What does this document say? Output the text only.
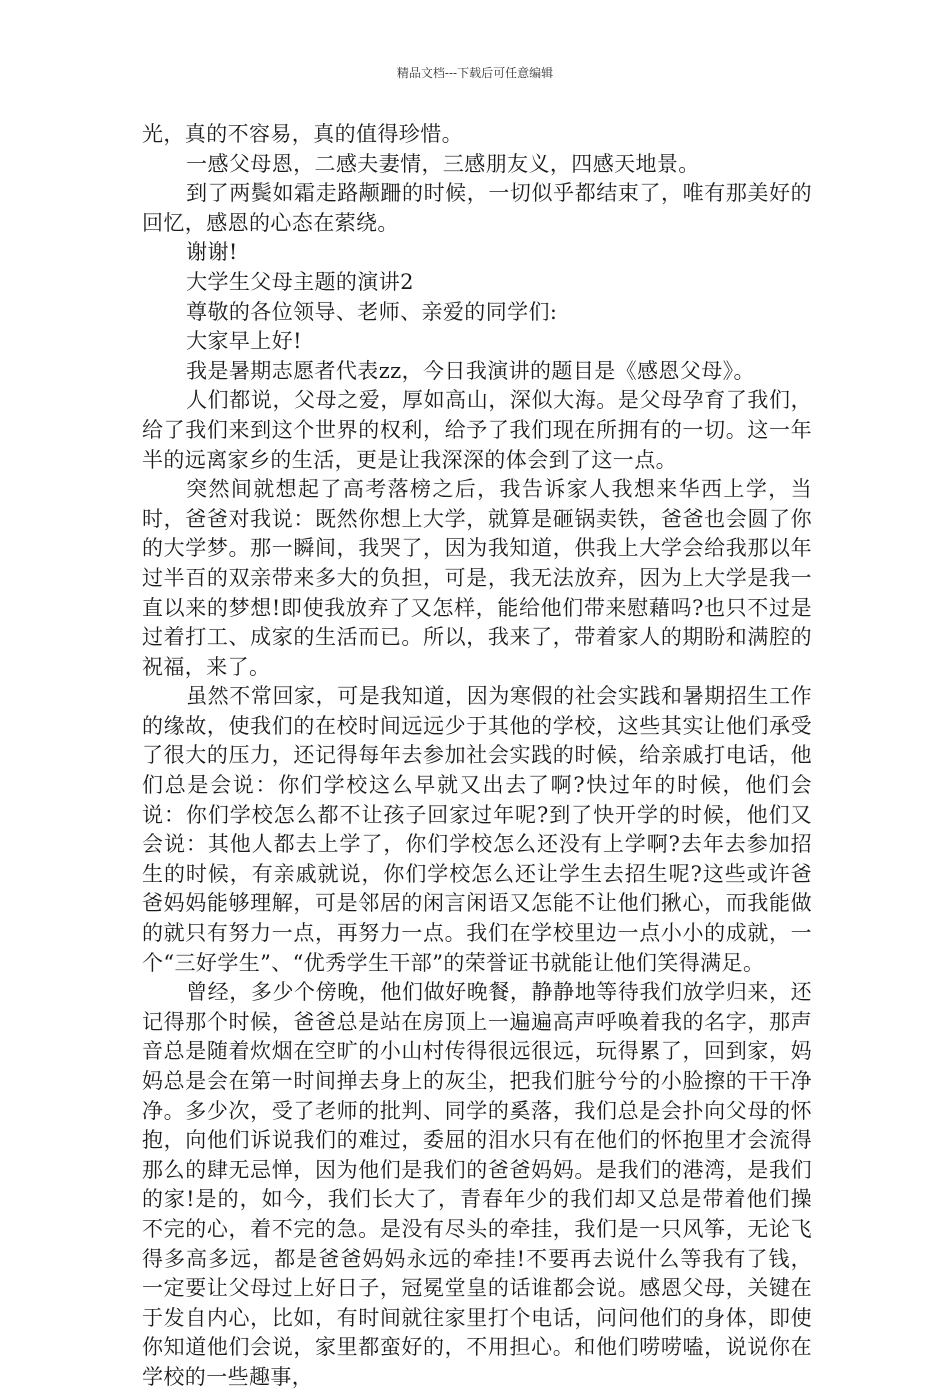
精品文档---下载后可任意编辑

光，真的不容易，真的值得珍惜。

一感父母恩，二感夫妻情，三感朋友义，四感天地景。

到了两鬓如霜走路颟跚的时候，一切似乎都结束了，唯有那美好的回忆，感恩的心态在萦绕。

谢谢!

大学生父母主题的演讲2

尊敬的各位领导、老师、亲爱的同学们:

大家早上好!

我是暑期志愿者代表zz，今日我演讲的题目是《感恩父母》。

人们都说，父母之爱，厚如高山，深似大海。是父母孕育了我们，给了我们来到这个世界的权利，给予了我们现在所拥有的一切。这一年半的远离家乡的生活，更是让我深深的体会到了这一点。

突然间就想起了高考落榜之后，我告诉家人我想来华西上学，当时，爸爸对我说：既然你想上大学，就算是砸锅卖铁，爸爸也会圆了你的大学梦。那一瞬间，我哭了，因为我知道，供我上大学会给我那以年过半百的双亲带来多大的负担，可是，我无法放弃，因为上大学是我一直以来的梦想!即使我放弃了又怎样，能给他们带来慰藉吗?也只不过是过着打工、成家的生活而已。所以，我来了，带着家人的期盼和满腔的祝福，来了。

虽然不常回家，可是我知道，因为寒假的社会实践和暑期招生工作的缘故，使我们的在校时间远远少于其他的学校，这些其实让他们承受了很大的压力，还记得每年去参加社会实践的时候，给亲戚打电话，他们总是会说：你们学校这么早就又出去了啊?快过年的时候，他们会说：你们学校怎么都不让孩子回家过年呢?到了快开学的时候，他们又会说：其他人都去上学了，你们学校怎么还没有上学啊?去年去参加招生的时候，有亲戚就说，你们学校怎么还让学生去招生呢?这些或许爸爸妈妈能够理解，可是邻居的闲言闲语又怎能不让他们揪心，而我能做的就只有努力一点，再努力一点。我们在学校里边一点小小的成就，一个“三好学生”、“优秀学生干部”的荣誉证书就能让他们笑得满足。

曾经，多少个傍晚，他们做好晚餐，静静地等待我们放学归来，还记得那个时候，爸爸总是站在房顶上一遍遍高声呼唤着我的名字，那声音总是随着炊烟在空旷的小山村传得很远很远，玩得累了，回到家，妈妈总是会在第一时间掸去身上的灰尘，把我们脏兮兮的小脸擦的干干净净。多少次，受了老师的批判、同学的奚落，我们总是会扑向父母的怀抱，向他们诉说我们的难过，委屈的泪水只有在他们的怀抱里才会流得那么的肆无忌惮，因为他们是我们的爸爸妈妈。是我们的港湾，是我们的家!是的，如今，我们长大了，青春年少的我们却又总是带着他们操不完的心，着不完的急。是没有尽头的牵挂，我们是一只风筝，无论飞得多高多远，都是爸爸妈妈永远的牵挂!不要再去说什么等我有了钱，一定要让父母过上好日子，冠冕堂皇的话谁都会说。感恩父母，关键在于发自内心，比如，有时间就往家里打个电话，问问他们的身体，即使你知道他们会说，家里都蛮好的，不用担心。和他们唠唠嗑，说说你在学校的一些趣事，
